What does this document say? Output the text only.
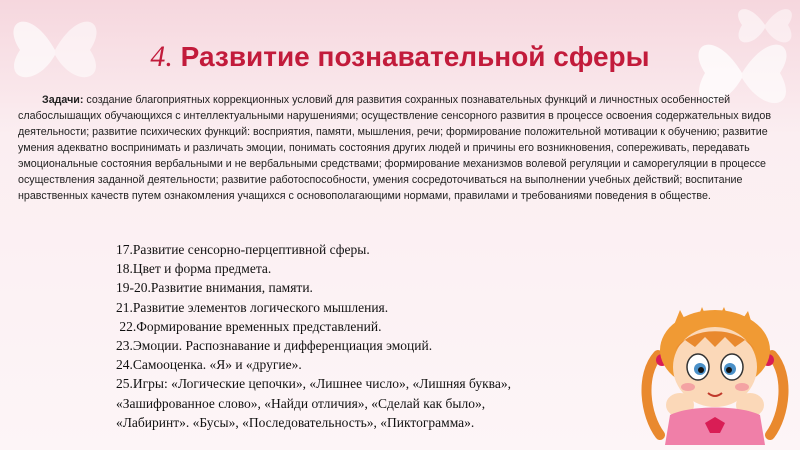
4. Развитие познавательной сферы
Задачи: создание благоприятных коррекционных условий для развития сохранных познавательных функций и личностных особенностей слабослышащих обучающихся с интеллектуальными нарушениями; осуществление сенсорного развития в процессе освоения содержательных видов деятельности; развитие психических функций: восприятия, памяти, мышления, речи; формирование положительной мотивации к обучению; развитие умения адекватно воспринимать и различать эмоции, понимать состояния других людей и причины его возникновения, сопереживать, передавать эмоциональные состояния вербальными и не вербальными средствами; формирование механизмов волевой регуляции и саморегуляции в процессе осуществления заданной деятельности; развитие работоспособности, умения сосредоточиваться на выполнении учебных действий; воспитание нравственных качеств путем ознакомления учащихся с основополагающими нормами, правилами и требованиями поведения в обществе.
17.Развитие сенсорно-перцептивной сферы.
18.Цвет и форма предмета.
19-20.Развитие внимания, памяти.
21.Развитие элементов логического мышления.
22.Формирование временных представлений.
23.Эмоции. Распознавание и дифференциация эмоций.
24.Самооценка. «Я» и «другие».
25.Игры: «Логические цепочки», «Лишнее число», «Лишняя буква»,
«Зашифрованное слово», «Найди отличия», «Сделай как было»,
«Лабиринт». «Бусы», «Последовательность», «Пиктограмма».
